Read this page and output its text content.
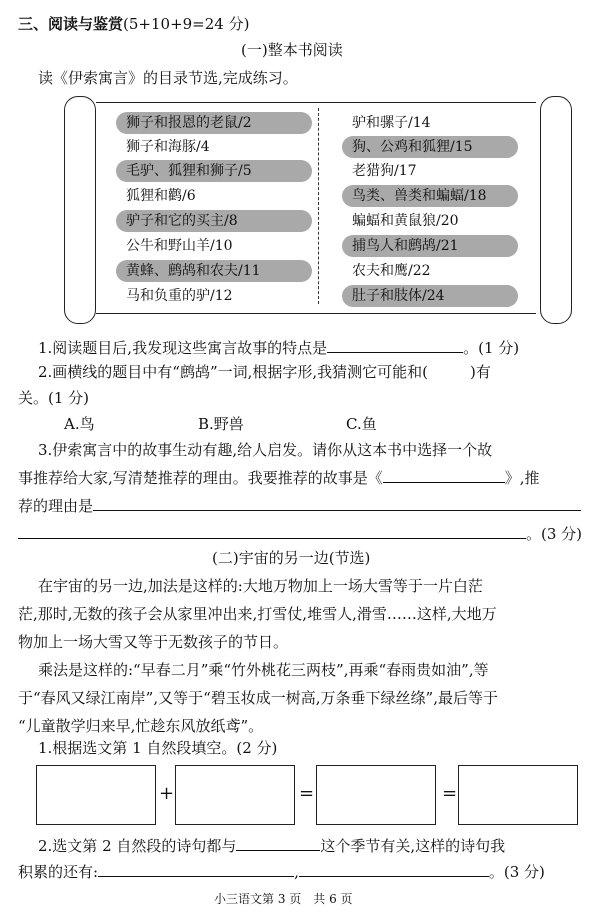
三、阅读与鉴赏(5+10+9=24 分)
(一)整本书阅读
读《伊索寓言》的目录节选,完成练习。
狮子和报恩的老鼠/2
狮子和海豚/4
毛驴、狐狸和狮子/5
狐狸和鹳/6
驴子和它的买主/8
公牛和野山羊/10
黄蜂、鹧鸪和农夫/11
马和负重的驴/12
驴和骡子/14
狗、公鸡和狐狸/15
老猎狗/17
鸟类、兽类和蝙蝠/18
蝙蝠和黄鼠狼/20
捕鸟人和鹧鸪/21
农夫和鹰/22
肚子和肢体/24
1.阅读题目后,我发现这些寓言故事的特点是	。(1 分)
2.画横线的题目中有“鹧鸪”一词,根据字形,我猜测它可能和(	)有
关。(1 分)
A.鸟	B.野兽	C.鱼
3.伊索寓言中的故事生动有趣,给人启发。请你从这本书中选择一个故
事推荐给大家,写清楚推荐的理由。我要推荐的故事是《	》,推
荐的理由是
。(3 分)
(二)宇宙的另一边(节选)
在宇宙的另一边,加法是这样的:大地万物加上一场大雪等于一片白茫
茫,那时,无数的孩子会从家里冲出来,打雪仗,堆雪人,滑雪……这样,大地万
物加上一场大雪又等于无数孩子的节日。
乘法是这样的:“早春二月”乘“竹外桃花三两枝”,再乘“春雨贵如油”,等
于“春风又绿江南岸”,又等于“碧玉妆成一树高,万条垂下绿丝绦”,最后等于
“儿童散学归来早,忙趁东风放纸鸢”。
1.根据选文第 1 自然段填空。(2 分)
+	=	=
2.选文第 2 自然段的诗句都与	这个季节有关,这样的诗句我
积累的还有:	,	。(3 分)
小三语文第 3 页　共 6 页
